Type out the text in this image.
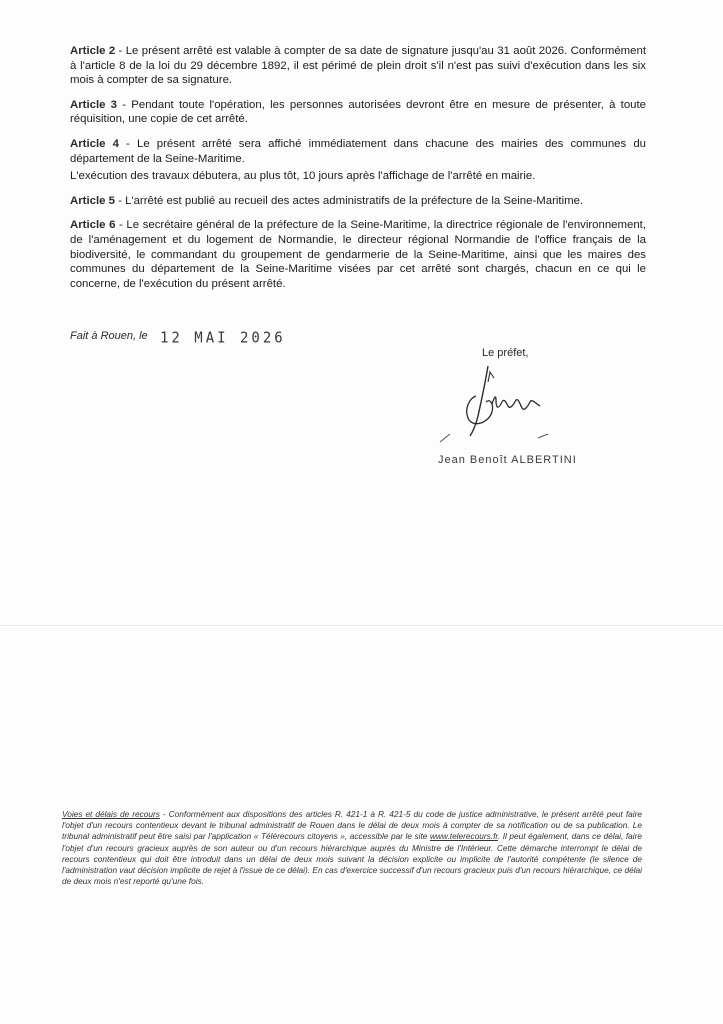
Article 2 - Le présent arrêté est valable à compter de sa date de signature jusqu'au 31 août 2026. Conformément à l'article 8 de la loi du 29 décembre 1892, il est périmé de plein droit s'il n'est pas suivi d'exécution dans les six mois à compter de sa signature.

Article 3 - Pendant toute l'opération, les personnes autorisées devront être en mesure de présenter, à toute réquisition, une copie de cet arrêté.

Article 4 - Le présent arrêté sera affiché immédiatement dans chacune des mairies des communes du département de la Seine-Maritime.

L'exécution des travaux débutera, au plus tôt, 10 jours après l'affichage de l'arrêté en mairie.

Article 5 - L'arrêté est publié au recueil des actes administratifs de la préfecture de la Seine-Maritime.

Article 6 - Le secrétaire général de la préfecture de la Seine-Maritime, la directrice régionale de l'environnement, de l'aménagement et du logement de Normandie, le directeur régional Normandie de l'office français de la biodiversité, le commandant du groupement de gendarmerie de la Seine-Maritime, ainsi que les maires des communes du département de la Seine-Maritime visées par cet arrêté sont chargés, chacun en ce qui le concerne, de l'exécution du présent arrêté.

Fait à Rouen, le 12 MAI 2026
Le préfet,
Jean Benoît ALBERTINI
Voies et délais de recours - Conformément aux dispositions des articles R. 421-1 à R. 421-5 du code de justice administrative, le présent arrêté peut faire l'objet d'un recours contentieux devant le tribunal administratif de Rouen dans le délai de deux mois à compter de sa notification ou de sa publication. Le tribunal administratif peut être saisi par l'application « Télérecours citoyens », accessible par le site www.telerecours.fr. Il peut également, dans ce délai, faire l'objet d'un recours gracieux auprès de son auteur ou d'un recours hiérarchique auprès du Ministre de l'Intérieur. Cette démarche interrompt le délai de recours contentieux qui doit être introduit dans un délai de deux mois suivant la décision explicite ou implicite de l'autorité compétente (le silence de l'administration vaut décision implicite de rejet à l'issue de ce délai). En cas d'exercice successif d'un recours gracieux puis d'un recours hiérarchique, ce délai de deux mois n'est reporté qu'une fois.
